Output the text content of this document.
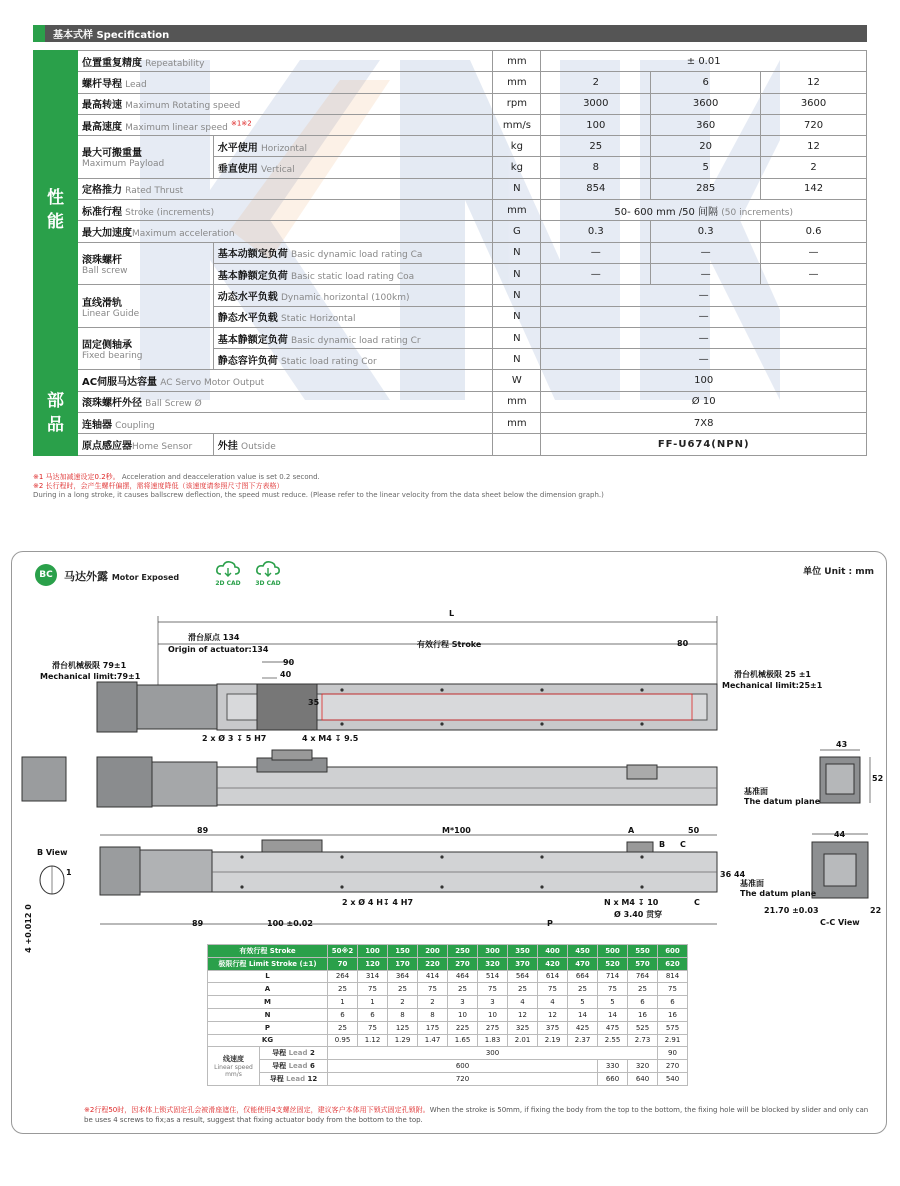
基本式样 Specification
性
能	位置重复精度 Repeatability		mm	± 0.01		
	螺杆导程 Lead		mm	2	6	12
	最高转速 Maximum Rotating speed		rpm	3000	3600	3600
	最高速度 Maximum linear speed $^{※1※2}$		mm/s	100	360	720

	最大可搬重量
Maximum Payload	水平使用 Horizontal	kg	25	20	12
		垂直使用 Vertical	kg	8	5	2
	定格推力 Rated Thrust		N	854	285	142
	标准行程 Stroke (increments)		mm	50- 600 mm /50 间隔 (50 increments)		
	最大加速度Maximum acceleration		G	0.3	0.3	0.6

	滚珠螺杆
Ball screw	基本动额定负荷 Basic dynamic load rating Ca	N	—	—	—
		基本静额定负荷 Basic static load rating Coa	N	—	—	—

	直线滑轨
Linear Guide	动态水平负载 Dynamic horizontal (100km)	N	—		
		静态水平负载 Static Horizontal	N	—		

	固定侧轴承
Fixed bearing	基本静额定负荷 Basic dynamic load rating Cr	N	—		
		静态容许负荷 Static load rating Cor	N	—		
部
品	AC伺服马达容量 AC Servo Motor Output		W	100		
	滚珠螺杆外径 Ball Screw Ø		mm	Ø 10		
	连轴器 Coupling		mm	7X8		
	原点感应器Home Sensor	外挂 Outside		FF-U674(NPN)		
※1 马达加减速设定0.2秒。 Acceleration and deacceleration value is set 0.2 second.
※2 长行程时，会产生螺杆偏摆，需将速度降低（该速度请参照尺寸图下方表格）
During in a long stroke, it causes ballscrew deflection, the speed must reduce. (Please refer to the linear velocity from the data sheet below the dimension graph.)
BC	马达外露 Motor Exposed
2D CAD	3D CAD
单位 Unit : mm
L
滑台原点 134
Origin of actuator:134
有效行程 Stroke	80
90
40
35
滑台机械极限 79±1
Mechanical limit:79±1	滑台机械极限 25 ±1
Mechanical limit:25±1
2 x Ø 3 ↧ 5 H7	4 x M4 ↧ 9.5
43
52
基准面
The datum plane
89	M*100	A	50
B C
B View
1	36 44
44
基准面
The datum plane
21.70 ±0.03	22
C-C View
4 +0.012 0
2 x Ø 4 H↧ 4 H7	N x M4 ↧ 10	C
Ø 3.40 贯穿
89	100 ±0.02	P
有效行程 Stroke		50※2	100	150	200	250	300	350	400	450	500	550	600
极限行程 Limit Stroke (±1)		70	120	170	220	270	320	370	420	470	520	570	620
L		264	314	364	414	464	514	564	614	664	714	764	814
A		25	75	25	75	25	75	25	75	25	75	25	75
M		1	1	2	2	3	3	4	4	5	5	6	6
N		6	6	8	8	10	10	12	12	14	14	16	16
P		25	75	125	175	225	275	325	375	425	475	525	575
KG		0.95	1.12	1.29	1.47	1.65	1.83	2.01	2.19	2.37	2.55	2.73	2.91

线速度
Linear speed mm/s	导程 Lead 2	300											90
	导程 Lead 6	600									330	320	270
	导程 Lead 12	720									660	640	540
※2行程50时，因本体上锁式固定孔会被滑座遮住，仅能使用4支螺丝固定，建议客户本体用下锁式固定孔锁附。When the stroke is 50mm, if fixing the body from the top to the bottom, the fixing hole will be blocked by slider and only can be uses 4 screws to fix;as a result, suggest that fixing actuator body from the bottom to the top.
